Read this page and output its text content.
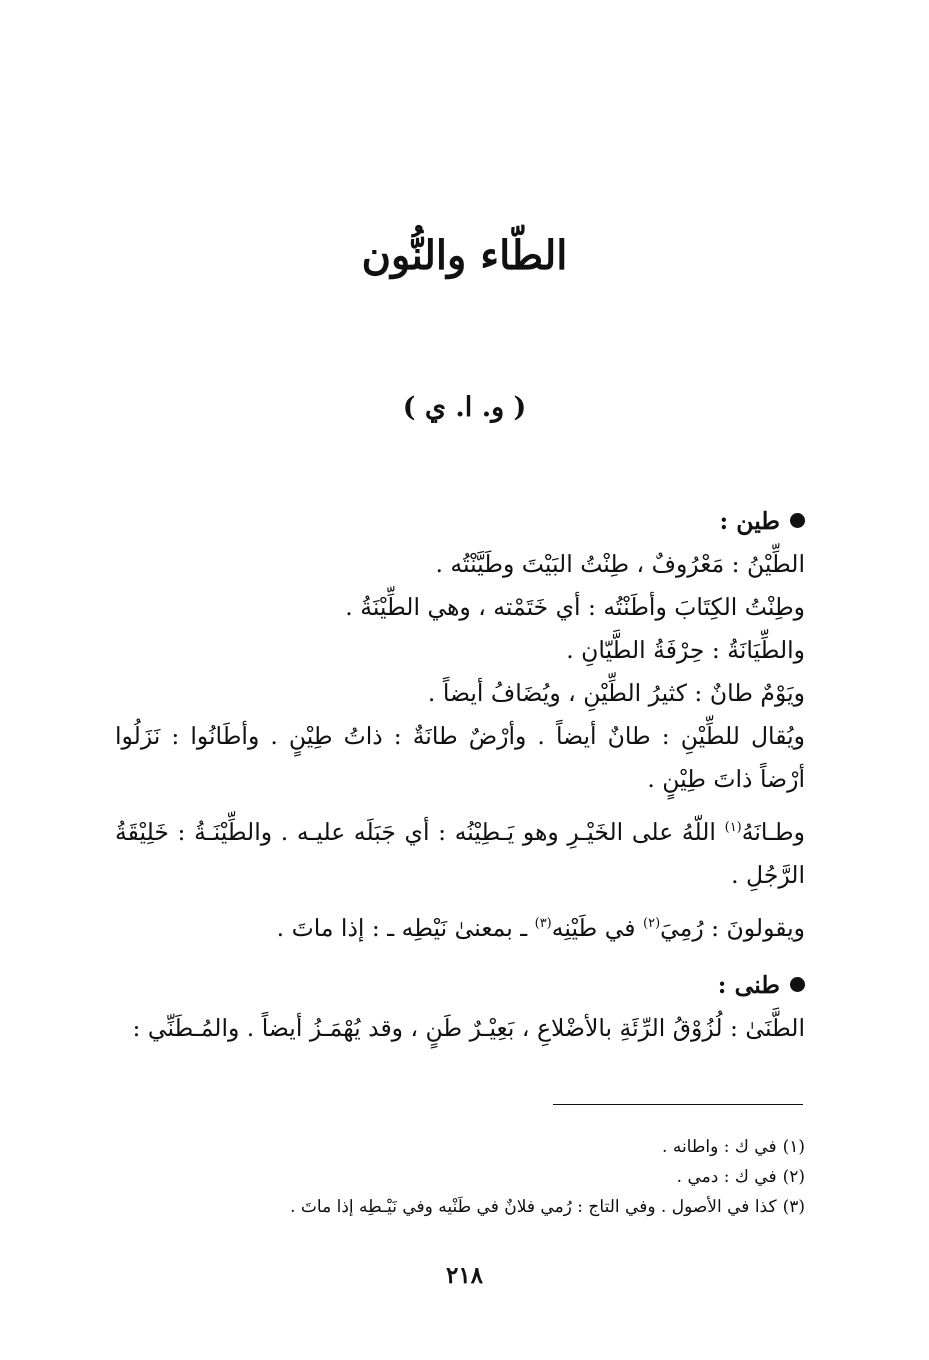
الطّاء والنُّون
( و. ا. ي )

طين :

الطِّيْنُ : مَعْرُوفٌ ، طِنْتُ البَيْتَ وطَيَّنْتُه .

وطِنْتُ الكِتَابَ وأطَنْتُه : أي خَتَمْته ، وهي الطِّيْنَةُ .

والطِّيَانَةُ : حِرْفَةُ الطَّيّانِ .

ويَوْمٌ طانٌ : كثيرُ الطِّيْنِ ، ويُضَافُ أيضاً .

ويُقال للطِّيْنِ : طانٌ أيضاً . وأرْضٌ طانَةٌ : ذاتُ طِيْنٍ . وأطَانُوا : نَزَلُوا أرْضاً ذاتَ طِيْنٍ .

وطـانَهُ$^{(١)}$ اللّهُ على الخَيْـرِ وهو يَـطِيْنُه : أي جَبَلَه عليـه . والطِّيْنَـةُ : خَلِيْقَةُ الرَّجُلِ .

ويقولونَ : رُمِيَ$^{(٢)}$ في طَيْنِه$^{(٣)}$ ـ بمعنىٰ نَيْطِه ـ : إذا ماتَ .

طنى :

الطَّنَىٰ : لُزُوْقُ الرِّئَةِ بالأضْلاعِ ، بَعِيْـرٌ طَنٍ ، وقد يُهْمَـزُ أيضاً . والمُـطَنِّي :

(١)في ك : واطانه .

(٢)في ك : دمي .

(٣)كذا في الأصول . وفي التاج : رُمي فلانٌ في طَنْيه وفي نَيْـطِه إذا ماتَ .

٢١٨
